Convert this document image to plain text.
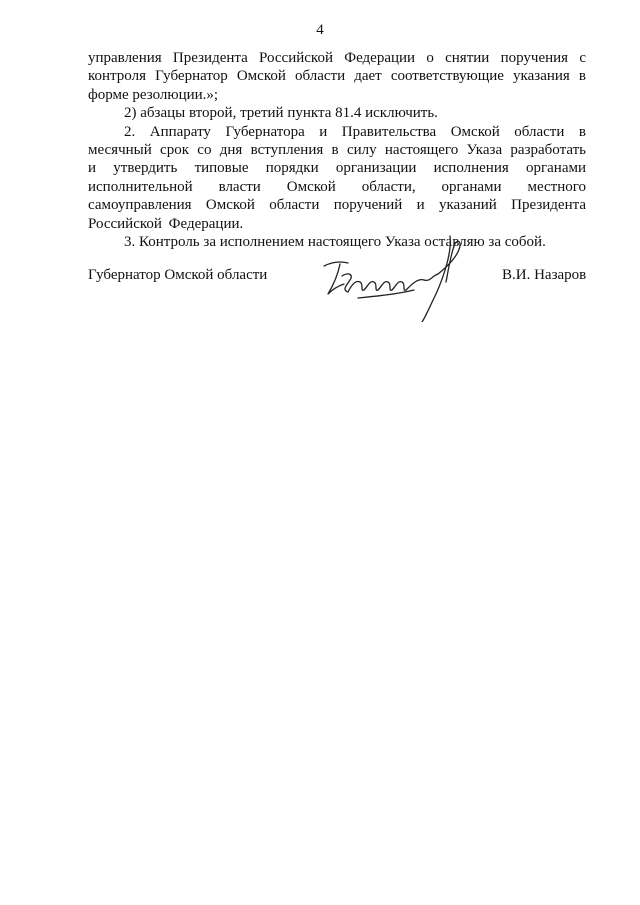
4

управления Президента Российской Федерации о снятии поручения с контроля Губернатор Омской области дает соответствующие указания в форме резолюции.»;

2) абзацы второй, третий пункта 81.4 исключить.

2. Аппарату Губернатора и Правительства Омской области в месячный срок со дня вступления в силу настоящего Указа разработать и утвердить типовые порядки организации исполнения органами исполнительной власти Омской области, органами местного самоуправления Омской области поручений и указаний Президента Российской Федерации.

3. Контроль за исполнением настоящего Указа оставляю за собой.

Губернатор Омской области	В.И. Назаров
